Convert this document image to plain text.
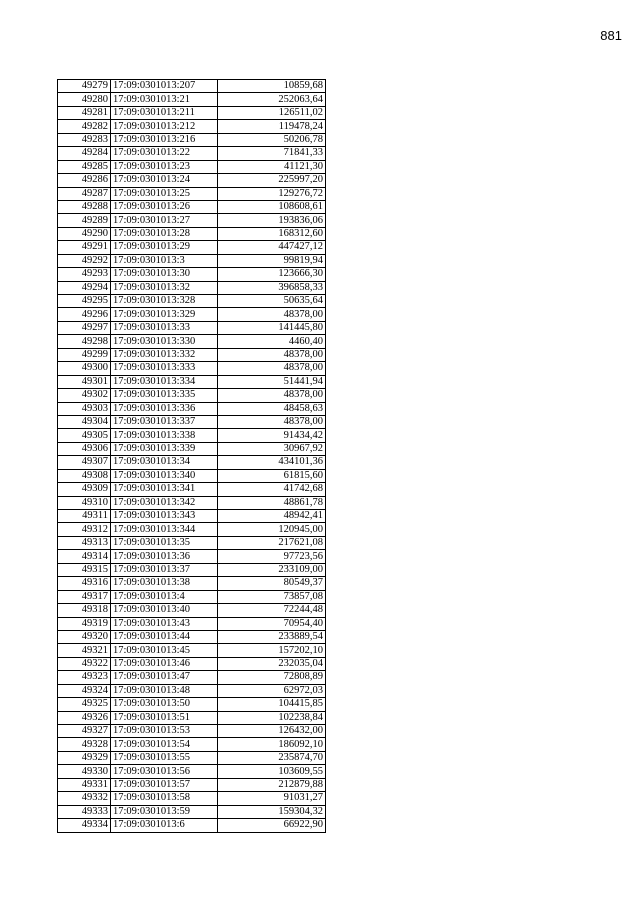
881
49279	17:09:0301013:207	10859,68
49280	17:09:0301013:21	252063,64
49281	17:09:0301013:211	126511,02
49282	17:09:0301013:212	119478,24
49283	17:09:0301013:216	50206,78
49284	17:09:0301013:22	71841,33
49285	17:09:0301013:23	41121,30
49286	17:09:0301013:24	225997,20
49287	17:09:0301013:25	129276,72
49288	17:09:0301013:26	108608,61
49289	17:09:0301013:27	193836,06
49290	17:09:0301013:28	168312,60
49291	17:09:0301013:29	447427,12
49292	17:09:0301013:3	99819,94
49293	17:09:0301013:30	123666,30
49294	17:09:0301013:32	396858,33
49295	17:09:0301013:328	50635,64
49296	17:09:0301013:329	48378,00
49297	17:09:0301013:33	141445,80
49298	17:09:0301013:330	4460,40
49299	17:09:0301013:332	48378,00
49300	17:09:0301013:333	48378,00
49301	17:09:0301013:334	51441,94
49302	17:09:0301013:335	48378,00
49303	17:09:0301013:336	48458,63
49304	17:09:0301013:337	48378,00
49305	17:09:0301013:338	91434,42
49306	17:09:0301013:339	30967,92
49307	17:09:0301013:34	434101,36
49308	17:09:0301013:340	61815,60
49309	17:09:0301013:341	41742,68
49310	17:09:0301013:342	48861,78
49311	17:09:0301013:343	48942,41
49312	17:09:0301013:344	120945,00
49313	17:09:0301013:35	217621,08
49314	17:09:0301013:36	97723,56
49315	17:09:0301013:37	233109,00
49316	17:09:0301013:38	80549,37
49317	17:09:0301013:4	73857,08
49318	17:09:0301013:40	72244,48
49319	17:09:0301013:43	70954,40
49320	17:09:0301013:44	233889,54
49321	17:09:0301013:45	157202,10
49322	17:09:0301013:46	232035,04
49323	17:09:0301013:47	72808,89
49324	17:09:0301013:48	62972,03
49325	17:09:0301013:50	104415,85
49326	17:09:0301013:51	102238,84
49327	17:09:0301013:53	126432,00
49328	17:09:0301013:54	186092,10
49329	17:09:0301013:55	235874,70
49330	17:09:0301013:56	103609,55
49331	17:09:0301013:57	212879,88
49332	17:09:0301013:58	91031,27
49333	17:09:0301013:59	159304,32
49334	17:09:0301013:6	66922,90
